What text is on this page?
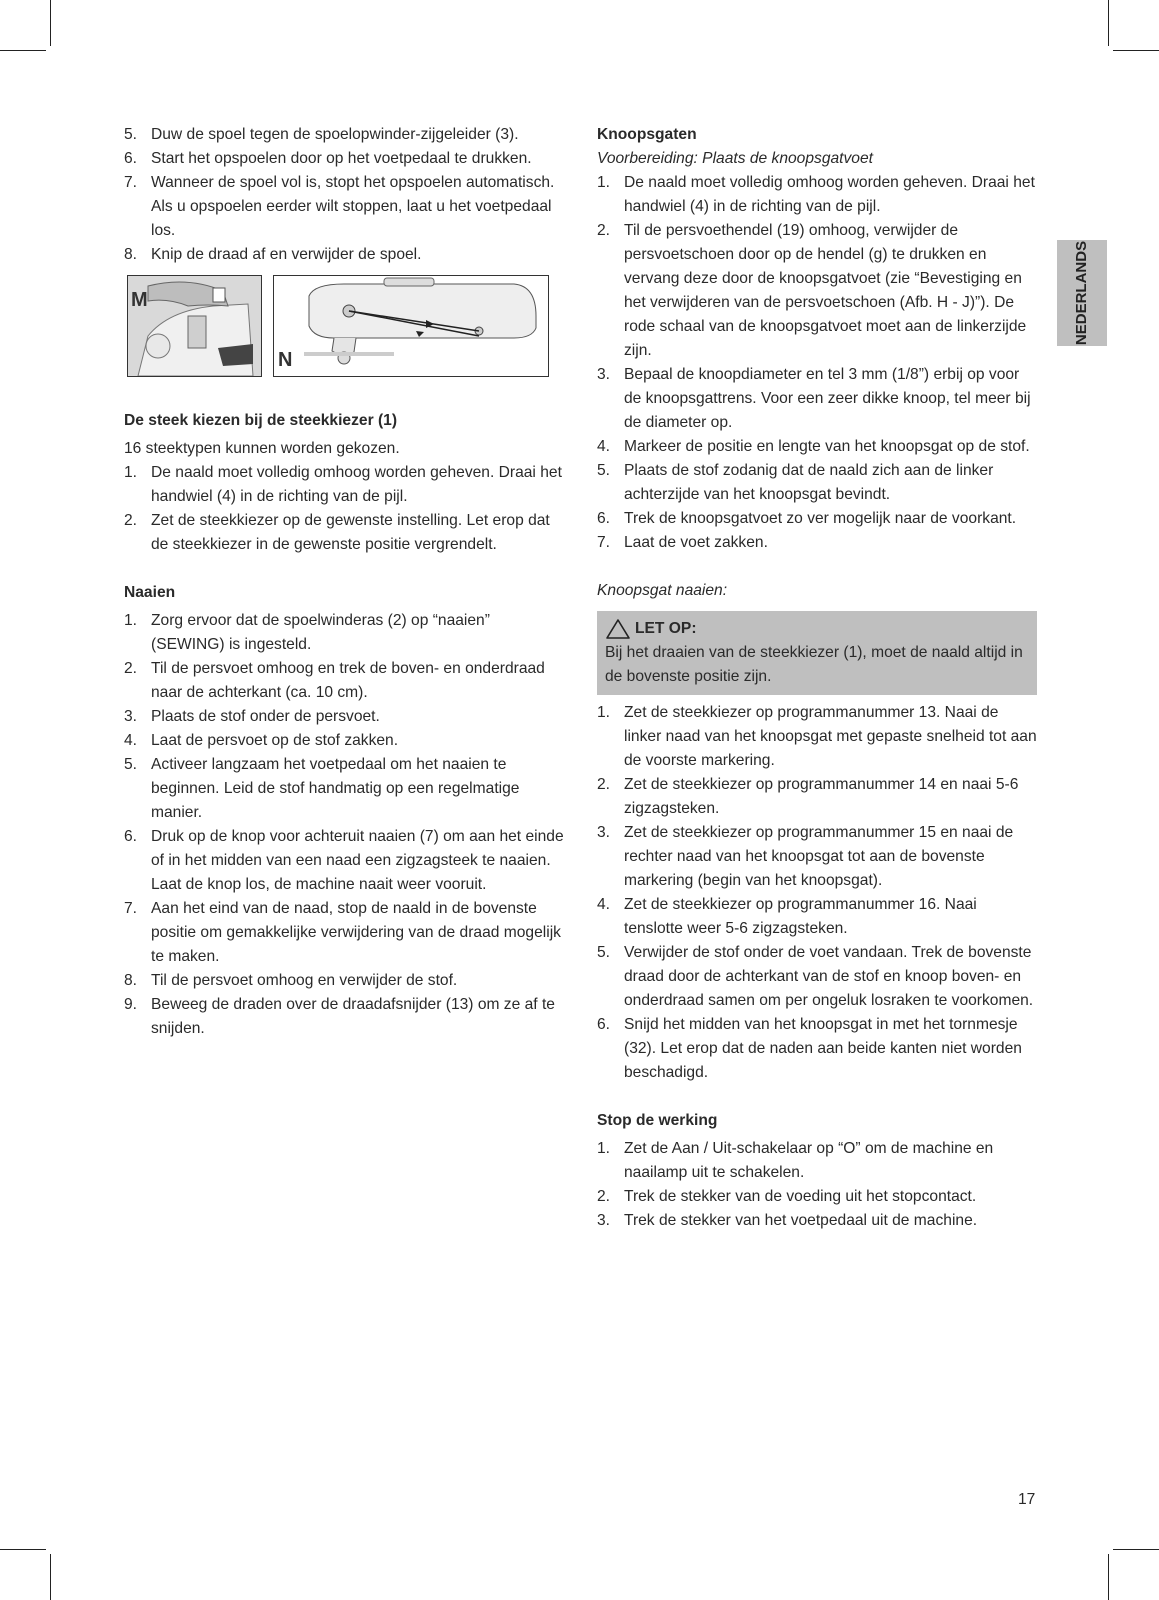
5. Duw de spoel tegen de spoelopwinder-zijgeleider (3).
6. Start het opspoelen door op het voetpedaal te drukken.
7. Wanneer de spoel vol is, stopt het opspoelen automatisch. Als u opspoelen eerder wilt stoppen, laat u het voetpedaal los.
8. Knip de draad af en verwijder de spoel.
M
N
De steek kiezen bij de steekkiezer (1)
16 steektypen kunnen worden gekozen.
1. De naald moet volledig omhoog worden geheven. Draai het handwiel (4) in de richting van de pijl.
2. Zet de steekkiezer op de gewenste instelling. Let erop dat de steekkiezer in de gewenste positie vergrendelt.
Naaien
1. Zorg ervoor dat de spoelwinderas (2) op “naaien” (SEWING) is ingesteld.
2. Til de persvoet omhoog en trek de boven- en onderdraad naar de achterkant (ca. 10 cm).
3. Plaats de stof onder de persvoet.
4. Laat de persvoet op de stof zakken.
5. Activeer langzaam het voetpedaal om het naaien te beginnen. Leid de stof handmatig op een regelmatige manier.
6. Druk op de knop voor achteruit naaien (7) om aan het einde of in het midden van een naad een zigzagsteek te naaien. Laat de knop los, de machine naait weer vooruit.
7. Aan het eind van de naad, stop de naald in de bovenste positie om gemakkelijke verwijdering van de draad mogelijk te maken.
8. Til de persvoet omhoog en verwijder de stof.
9. Beweeg de draden over de draadafsnijder (13) om ze af te snijden.
Knoopsgaten
Voorbereiding: Plaats de knoopsgatvoet
1. De naald moet volledig omhoog worden geheven. Draai het handwiel (4) in de richting van de pijl.
2. Til de persvoethendel (19) omhoog, verwijder de persvoetschoen door op de hendel (g) te drukken en vervang deze door de knoopsgatvoet (zie “Bevestiging en het verwijderen van de persvoetschoen (Afb. H - J)”). De rode schaal van de knoopsgatvoet moet aan de linkerzijde zijn.
3. Bepaal de knoopdiameter en tel 3 mm (1/8”) erbij op voor de knoopsgattrens. Voor een zeer dikke knoop, tel meer bij de diameter op.
4. Markeer de positie en lengte van het knoopsgat op de stof.
5. Plaats de stof zodanig dat de naald zich aan de linker achterzijde van het knoopsgat bevindt.
6. Trek de knoopsgatvoet zo ver mogelijk naar de voorkant.
7. Laat de voet zakken.
Knoopsgat naaien:
LET OP:
Bij het draaien van de steekkiezer (1), moet de naald altijd in de bovenste positie zijn.
1. Zet de steekkiezer op programmanummer 13. Naai de linker naad van het knoopsgat met gepaste snelheid tot aan de voorste markering.
2. Zet de steekkiezer op programmanummer 14 en naai 5-6 zigzagsteken.
3. Zet de steekkiezer op programmanummer 15 en naai de rechter naad van het knoopsgat tot aan de bovenste markering (begin van het knoopsgat).
4. Zet de steekkiezer op programmanummer 16. Naai tenslotte weer 5-6 zigzagsteken.
5. Verwijder de stof onder de voet vandaan. Trek de bovenste draad door de achterkant van de stof en knoop boven- en onderdraad samen om per ongeluk losraken te voorkomen.
6. Snijd het midden van het knoopsgat in met het tornmesje (32). Let erop dat de naden aan beide kanten niet worden beschadigd.
Stop de werking
1. Zet de Aan / Uit-schakelaar op “O” om de machine en naailamp uit te schakelen.
2. Trek de stekker van de voeding uit het stopcontact.
3. Trek de stekker van het voetpedaal uit de machine.
NEDERLANDS
17
